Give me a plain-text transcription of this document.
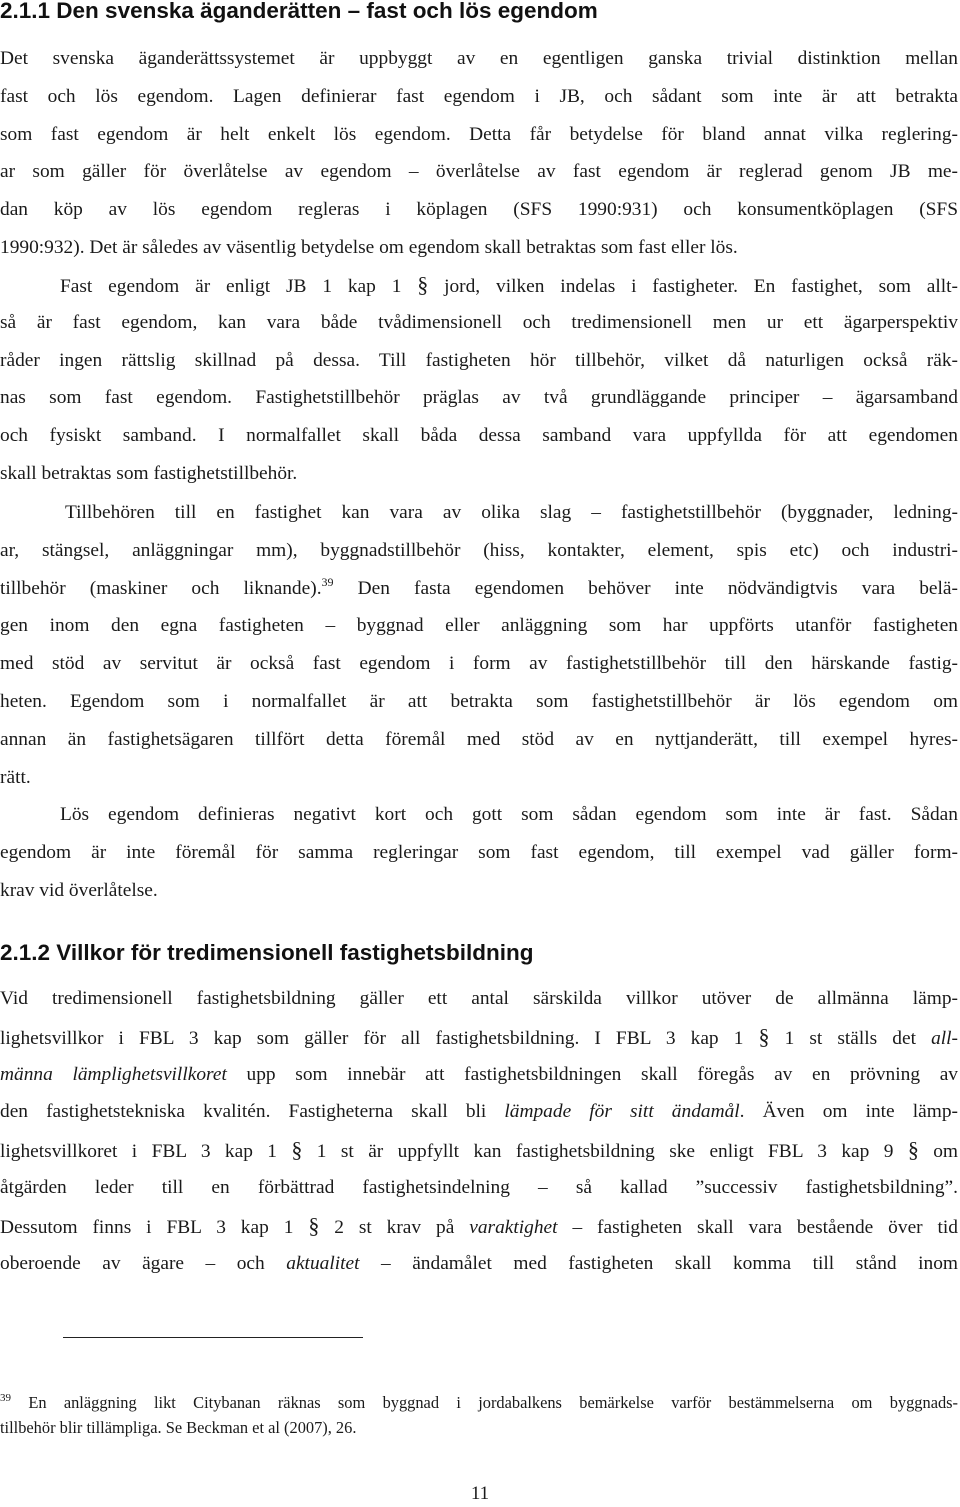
2.1.1 Den svenska äganderätten – fast och lös egendom
Det svenska äganderättssystemet är uppbyggt av en egentligen ganska trivial distinktion mellan
fast och lös egendom. Lagen definierar fast egendom i JB, och sådant som inte är att betrakta
som fast egendom är helt enkelt lös egendom. Detta får betydelse för bland annat vilka reglering-
ar som gäller för överlåtelse av egendom – överlåtelse av fast egendom är reglerad genom JB me-
dan köp av lös egendom regleras i köplagen (SFS 1990:931) och konsumentköplagen (SFS
1990:932). Det är således av väsentlig betydelse om egendom skall betraktas som fast eller lös.
Fast egendom är enligt JB 1 kap 1 § jord, vilken indelas i fastigheter. En fastighet, som allt-
så är fast egendom, kan vara både tvådimensionell och tredimensionell men ur ett ägarperspektiv
råder ingen rättslig skillnad på dessa. Till fastigheten hör tillbehör, vilket då naturligen också räk-
nas som fast egendom. Fastighetstillbehör präglas av två grundläggande principer – ägarsamband
och fysiskt samband. I normalfallet skall båda dessa samband vara uppfyllda för att egendomen
skall betraktas som fastighetstillbehör.
Tillbehören till en fastighet kan vara av olika slag – fastighetstillbehör (byggnader, ledning-
ar, stängsel, anläggningar mm), byggnadstillbehör (hiss, kontakter, element, spis etc) och industri-
tillbehör (maskiner och liknande).$^{39}$ Den fasta egendomen behöver inte nödvändigtvis vara belä-
gen inom den egna fastigheten – byggnad eller anläggning som har uppförts utanför fastigheten
med stöd av servitut är också fast egendom i form av fastighetstillbehör till den härskande fastig-
heten. Egendom som i normalfallet är att betrakta som fastighetstillbehör är lös egendom om
annan än fastighetsägaren tillfört detta föremål med stöd av en nyttjanderätt, till exempel hyres-
rätt.
Lös egendom definieras negativt kort och gott som sådan egendom som inte är fast. Sådan
egendom är inte föremål för samma regleringar som fast egendom, till exempel vad gäller form-
krav vid överlåtelse.
2.1.2 Villkor för tredimensionell fastighetsbildning
Vid tredimensionell fastighetsbildning gäller ett antal särskilda villkor utöver de allmänna lämp-
lighetsvillkor i FBL 3 kap som gäller för all fastighetsbildning. I FBL 3 kap 1 § 1 st ställs det all-
männa lämplighetsvillkoret upp som innebär att fastighetsbildningen skall föregås av en prövning av
den fastighetstekniska kvalitén. Fastigheterna skall bli lämpade för sitt ändamål. Även om inte lämp-
lighetsvillkoret i FBL 3 kap 1 § 1 st är uppfyllt kan fastighetsbildning ske enligt FBL 3 kap 9 § om
åtgärden leder till en förbättrad fastighetsindelning – så kallad ”successiv fastighetsbildning”.
Dessutom finns i FBL 3 kap 1 § 2 st krav på varaktighet – fastigheten skall vara bestående över tid
oberoende av ägare – och aktualitet – ändamålet med fastigheten skall komma till stånd inom
$^{39}$ En anläggning likt Citybanan räknas som byggnad i jordabalkens bemärkelse varför bestämmelserna om byggnads-
tillbehör blir tillämpliga. Se Beckman et al (2007), 26.
11
